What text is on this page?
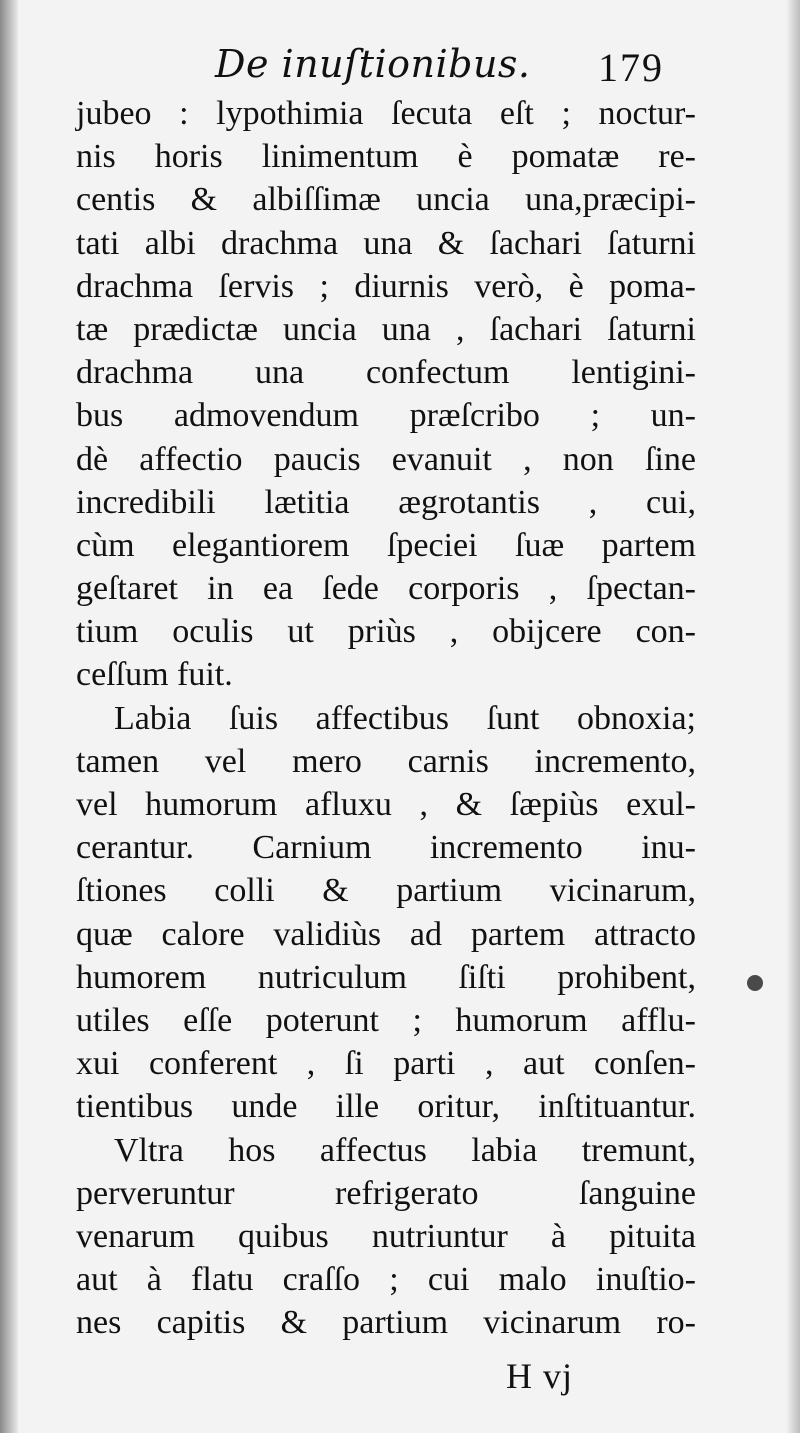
De inuſtionibus. 179
jubeo : lypothimia ſecuta eſt ; noctur-
nis horis linimentum è pomatæ re-
centis & albiſſimæ uncia una,præcipi-
tati albi drachma una & ſachari ſaturni
drachma ſervis ; diurnis verò, è poma-
tæ prædictæ uncia una , ſachari ſaturni
drachma una confectum lentigini-
bus admovendum præſcribo ; un-
dè affectio paucis evanuit , non ſine
incredibili lætitia ægrotantis , cui,
cùm elegantiorem ſpeciei ſuæ partem
geſtaret in ea ſede corporis , ſpectan-
tium oculis ut priùs , obijcere con-
ceſſum fuit.
Labia ſuis affectibus ſunt obnoxia;
tamen vel mero carnis incremento,
vel humorum afluxu , & ſæpiùs exul-
cerantur. Carnium incremento inu-
ſtiones colli & partium vicinarum,
quæ calore validiùs ad partem attracto
humorem nutriculum ſiſti prohibent,
utiles eſſe poterunt ; humorum afflu-
xui conferent , ſi parti , aut conſen-
tientibus unde ille oritur, inſtituantur.
Vltra hos affectus labia tremunt,
perveruntur refrigerato ſanguine
venarum quibus nutriuntur à pituita
aut à flatu craſſo ; cui malo inuſtio-
nes capitis & partium vicinarum ro-
H vj
